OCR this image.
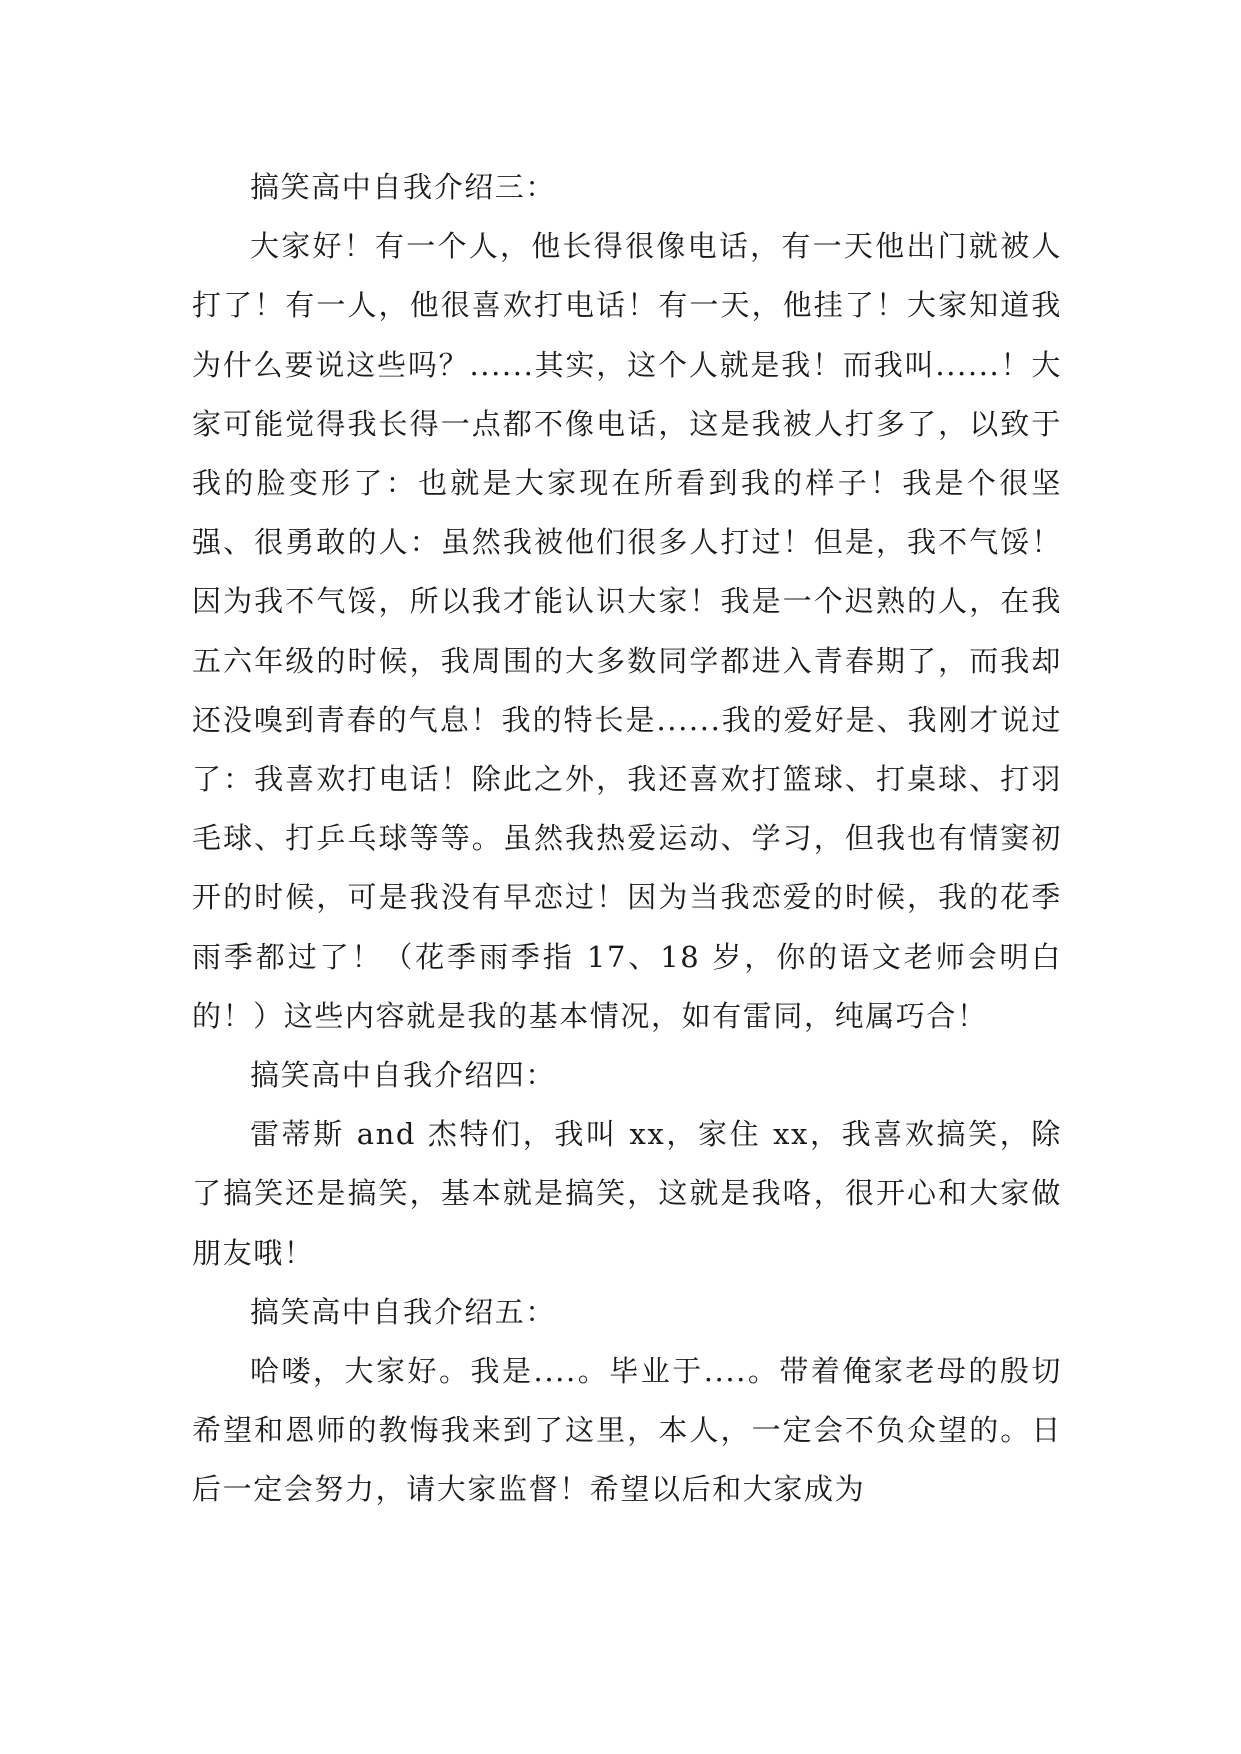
搞笑高中自我介绍三：

大家好！有一个人，他长得很像电话，有一天他出门就被人打了！有一人，他很喜欢打电话！有一天，他挂了！大家知道我为什么要说这些吗？......其实，这个人就是我！而我叫......！大家可能觉得我长得一点都不像电话，这是我被人打多了，以致于我的脸变形了：也就是大家现在所看到我的样子！我是个很坚强、很勇敢的人：虽然我被他们很多人打过！但是，我不气馁！因为我不气馁，所以我才能认识大家！我是一个迟熟的人，在我五六年级的时候，我周围的大多数同学都进入青春期了，而我却还没嗅到青春的气息！我的特长是......我的爱好是、我刚才说过了：我喜欢打电话！除此之外，我还喜欢打篮球、打桌球、打羽毛球、打乒乓球等等。虽然我热爱运动、学习，但我也有情窦初开的时候，可是我没有早恋过！因为当我恋爱的时候，我的花季雨季都过了！（花季雨季指 17、18 岁，你的语文老师会明白的！）这些内容就是我的基本情况，如有雷同，纯属巧合！

搞笑高中自我介绍四：

雷蒂斯 and 杰特们，我叫 xx，家住 xx，我喜欢搞笑，除了搞笑还是搞笑，基本就是搞笑，这就是我咯，很开心和大家做朋友哦！

搞笑高中自我介绍五：

哈喽，大家好。我是....。毕业于....。带着俺家老母的殷切希望和恩师的教悔我来到了这里，本人，一定会不负众望的。日后一定会努力，请大家监督！希望以后和大家成为
